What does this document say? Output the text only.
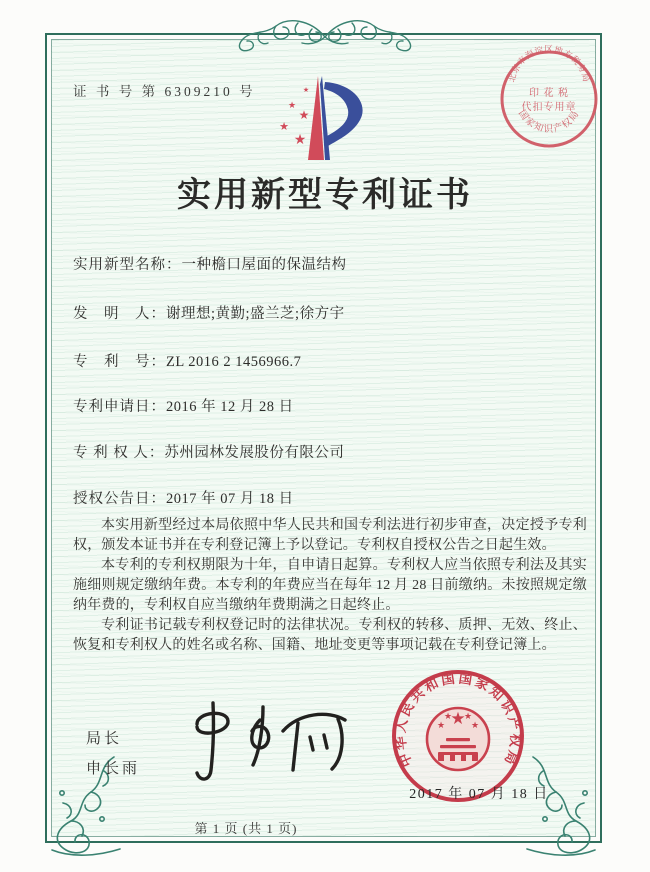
证 书 号 第 6309210 号	★
★
★
★
★
北京市海淀区地方税务局
印 花 税
代扣专用章
国家知识产权局
实用新型专利证书
实用新型名称：一种檐口屋面的保温结构
发　明　人：谢理想;黄勤;盛兰芝;徐方宇
专　利　号：ZL 2016 2 1456966.7
专利申请日：2016 年 12 月 28 日
专 利 权 人：苏州园林发展股份有限公司
授权公告日：2017 年 07 月 18 日

本实用新型经过本局依照中华人民共和国专利法进行初步审查，决定授予专利权，颁发本证书并在专利登记簿上予以登记。专利权自授权公告之日起生效。

本专利的专利权期限为十年，自申请日起算。专利权人应当依照专利法及其实施细则规定缴纳年费。本专利的年费应当在每年 12 月 28 日前缴纳。未按照规定缴纳年费的，专利权自应当缴纳年费期满之日起终止。

专利证书记载专利权登记时的法律状况。专利权的转移、质押、无效、终止、恢复和专利权人的姓名或名称、国籍、地址变更等事项记载在专利登记簿上。

局长
申长雨	中华人民共和国国家知识产权局
★
★
★ ★
★
2017 年 07 月 18 日
第 1 页 (共 1 页)
